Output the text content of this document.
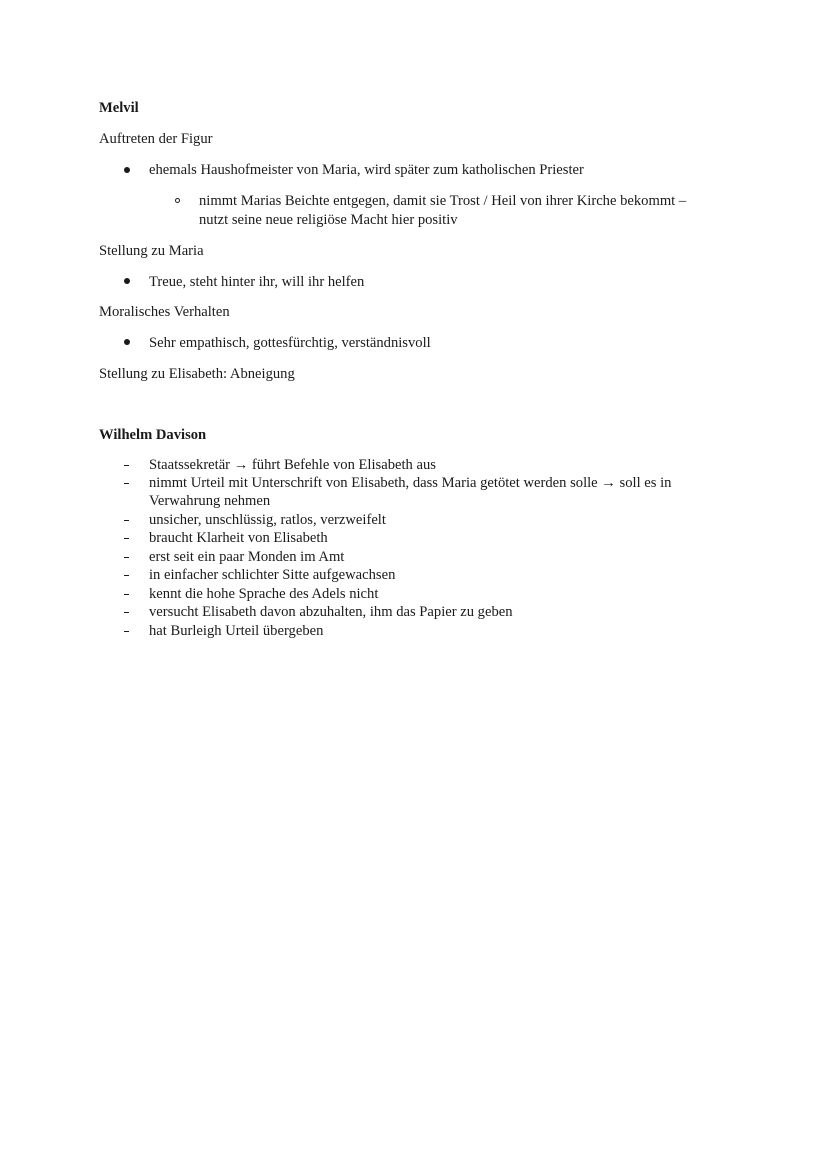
Melvil
Auftreten der Figur
ehemals Haushofmeister von Maria, wird später zum katholischen Priester
nimmt Marias Beichte entgegen, damit sie Trost / Heil von ihrer Kirche bekommt –
nutzt seine neue religiöse Macht hier positiv
Stellung zu Maria
Treue, steht hinter ihr, will ihr helfen
Moralisches Verhalten
Sehr empathisch, gottesfürchtig, verständnisvoll
Stellung zu Elisabeth: Abneigung
Wilhelm Davison
Staatssekretär → führt Befehle von Elisabeth aus
nimmt Urteil mit Unterschrift von Elisabeth, dass Maria getötet werden solle → soll es in
Verwahrung nehmen
unsicher, unschlüssig, ratlos, verzweifelt
braucht Klarheit von Elisabeth
erst seit ein paar Monden im Amt
in einfacher schlichter Sitte aufgewachsen
kennt die hohe Sprache des Adels nicht
versucht Elisabeth davon abzuhalten, ihm das Papier zu geben
hat Burleigh Urteil übergeben
